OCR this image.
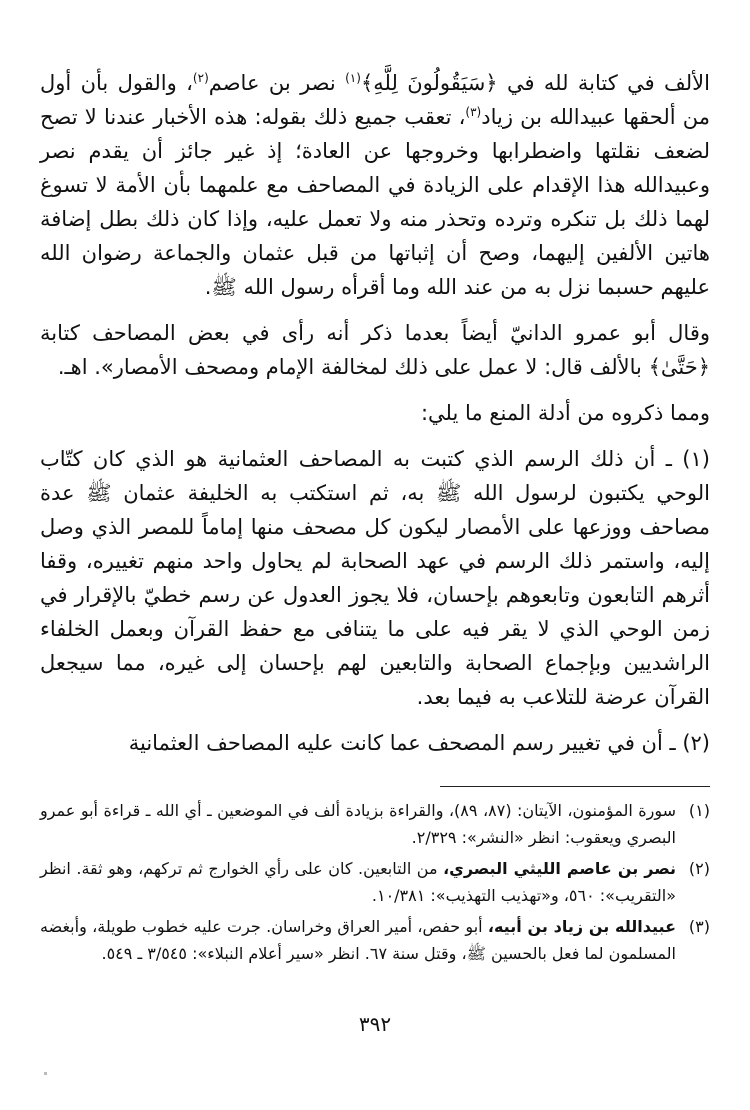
الألف في كتابة لله في ﴿سَيَقُولُونَ لِلَّهِ﴾$^{(١)}$ نصر بن عاصم$^{(٢)}$، والقول بأن أول من ألحقها عبيدالله بن زياد$^{(٣)}$، تعقب جميع ذلك بقوله: هذه الأخبار عندنا لا تصح لضعف نقلتها واضطرابها وخروجها عن العادة؛ إذ غير جائز أن يقدم نصر وعبيدالله هذا الإقدام على الزيادة في المصاحف مع علمهما بأن الأمة لا تسوغ لهما ذلك بل تنكره وترده وتحذر منه ولا تعمل عليه، وإذا كان ذلك بطل إضافة هاتين الألفين إليهما، وصح أن إثباتها من قبل عثمان والجماعة رضوان الله عليهم حسبما نزل به من عند الله وما أقرأه رسول الله ﷺ.

وقال أبو عمرو الدانيّ أيضاً بعدما ذكر أنه رأى في بعض المصاحف كتابة ﴿حَتَّىٰ﴾ بالألف قال: لا عمل على ذلك لمخالفة الإمام ومصحف الأمصار». اهـ.

ومما ذكروه من أدلة المنع ما يلي:

(١) ـ أن ذلك الرسم الذي كتبت به المصاحف العثمانية هو الذي كان كتّاب الوحي يكتبون لرسول الله ﷺ به، ثم استكتب به الخليفة عثمان ﷺ عدة مصاحف ووزعها على الأمصار ليكون كل مصحف منها إماماً للمصر الذي وصل إليه، واستمر ذلك الرسم في عهد الصحابة لم يحاول واحد منهم تغييره، وقفا أثرهم التابعون وتابعوهم بإحسان، فلا يجوز العدول عن رسم خطيّ بالإقرار في زمن الوحي الذي لا يقر فيه على ما يتنافى مع حفظ القرآن وبعمل الخلفاء الراشديين وبإجماع الصحابة والتابعين لهم بإحسان إلى غيره، مما سيجعل القرآن عرضة للتلاعب به فيما بعد.

(٢) ـ أن في تغيير رسم المصحف عما كانت عليه المصاحف العثمانية

(١)
سورة المؤمنون، الآيتان: (٨٧، ٨٩)، والقراءة بزيادة ألف في الموضعين ـ أي الله ـ قراءة أبو عمرو البصري ويعقوب: انظر «النشر»: ٢/٣٢٩.
(٢)
نصر بن عاصم الليثي البصري، من التابعين. كان على رأي الخوارج ثم تركهم، وهو ثقة. انظر «التقريب»: ٥٦٠، و«تهذيب التهذيب»: ١٠/٣٨١.
(٣)
عبيدالله بن زياد بن أبيه، أبو حفص، أمير العراق وخراسان. جرت عليه خطوب طويلة، وأبغضه المسلمون لما فعل بالحسين ﷺ، وقتل سنة ٦٧. انظر «سير أعلام النبلاء»: ٣/٥٤٥ ـ ٥٤٩.
٣٩٢
